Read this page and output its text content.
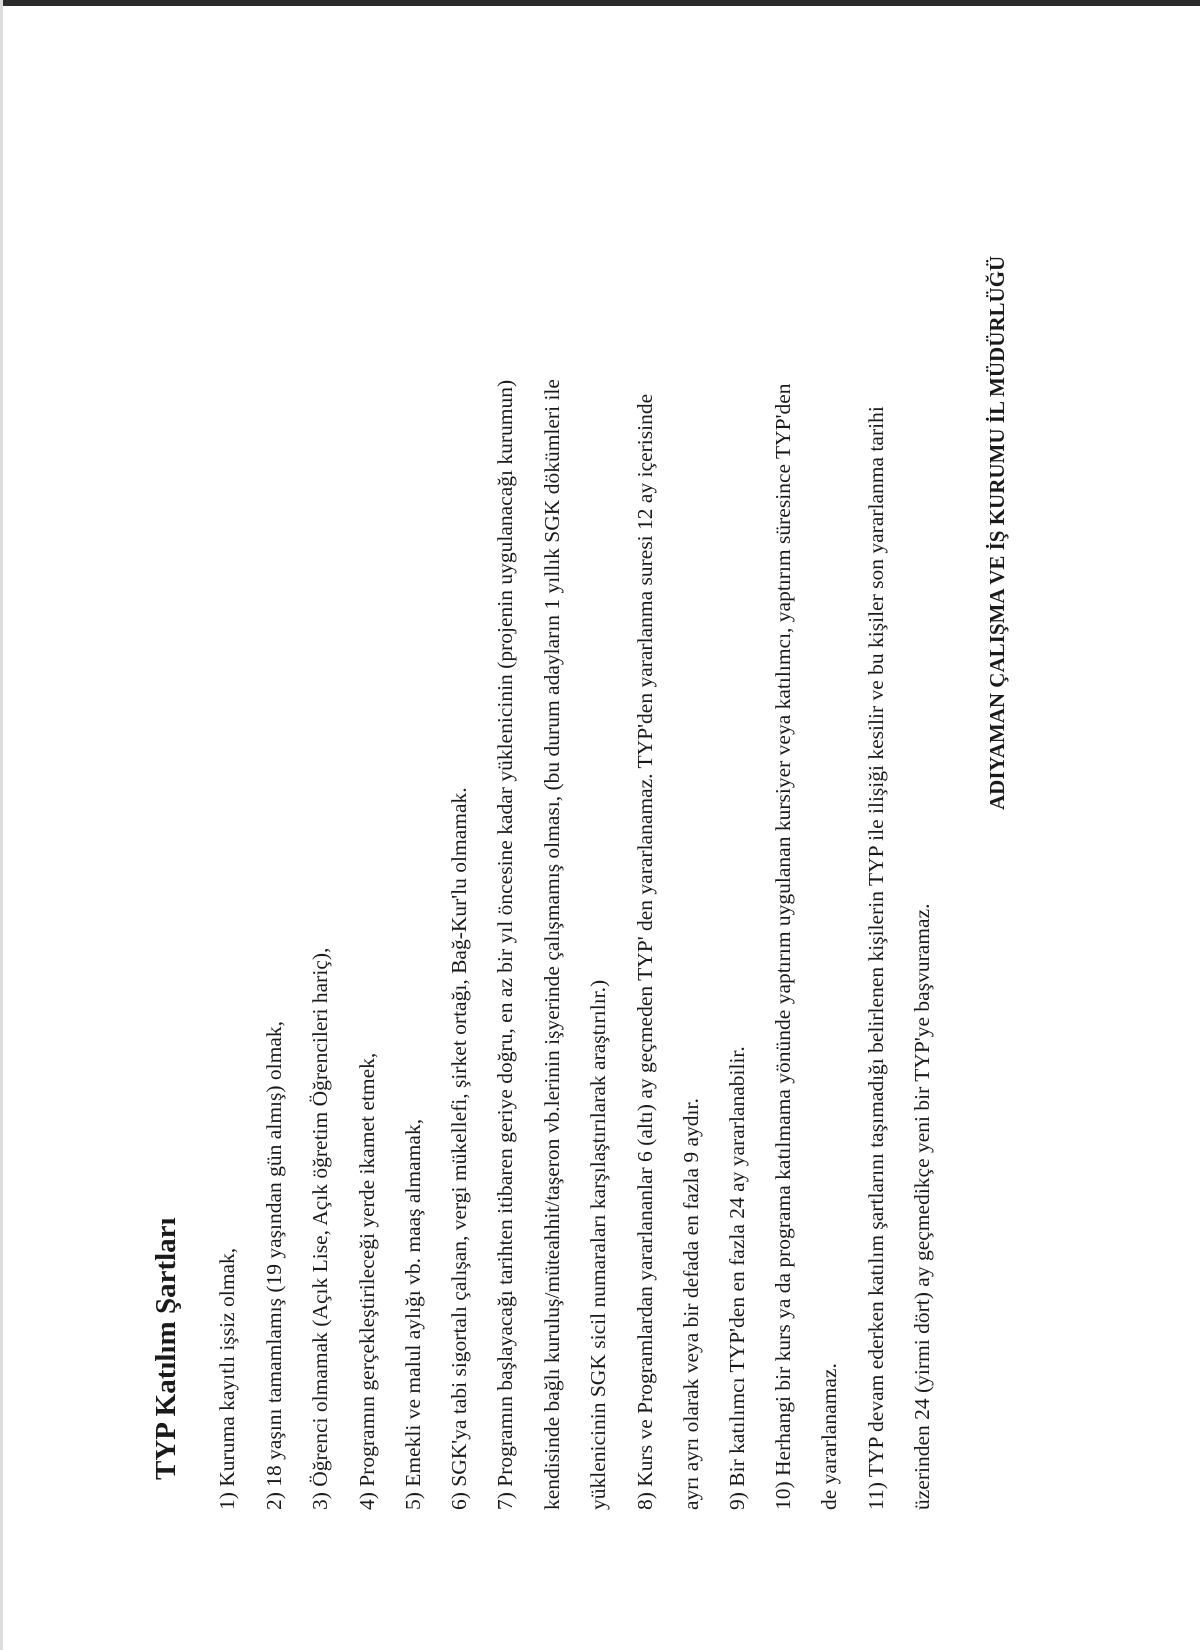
TYP Katılım Şartları 1) Kuruma kayıtlı işsiz olmak, 2) 18 yaşını tamamlamış (19 yaşından gün almış) olmak, 3) Öğrenci olmamak (Açık Lise, Açık öğretim Öğrencileri hariç), 4) Programın gerçekleştirileceği yerde ikamet etmek, 5) Emekli ve malul aylığı vb. maaş almamak, 6) SGK'ya tabi sigortalı çalışan, vergi mükellefi, şirket ortağı, Bağ-Kur'lu olmamak. 7) Programın başlayacağı tarihten itibaren geriye doğru, en az bir yıl öncesine kadar yüklenicinin (projenin uygulanacağı kurumun) kendisinde bağlı kuruluş/müteahhit/taşeron vb.lerinin işyerinde çalışmamış olması, (bu durum adayların 1 yıllık SGK dökümleri ile yüklenicinin SGK sicil numaraları karşılaştırılarak araştırılır.) 8) Kurs ve Programlardan yararlananlar 6 (altı) ay geçmeden TYP' den yararlanamaz. TYP'den yararlanma suresi 12 ay içerisinde ayrı ayrı olarak veya bir defada en fazla 9 aydır. 9) Bir katılımcı TYP'den en fazla 24 ay yararlanabilir. 10) Herhangi bir kurs ya da programa katılmama yönünde yaptırım uygulanan kursiyer veya katılımcı, yaptırım süresince TYP'den de yararlanamaz. 11) TYP devam ederken katılım şartlarını taşımadığı belirlenen kişilerin TYP ile ilişiği kesilir ve bu kişiler son yararlanma tarihi üzerinden 24 (yirmi dört) ay geçmedikçe yeni bir TYP'ye başvuramaz.

ADIYAMAN ÇALIŞMA VE İŞ KURUMU İL MÜDÜRLÜĞÜ
